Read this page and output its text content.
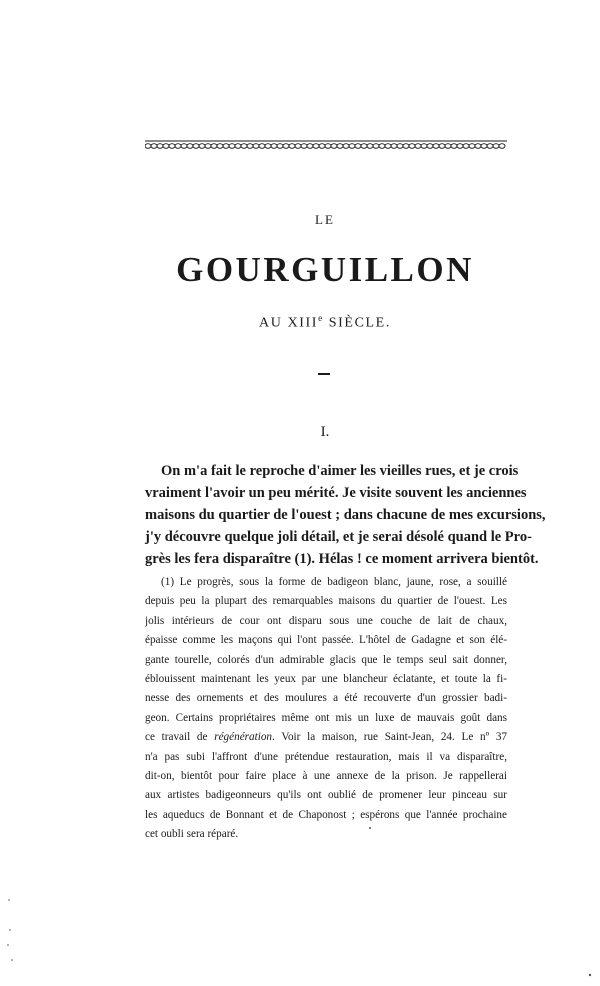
LE
GOURGUILLON
AU XIIIe SIÈCLE.
I.
On m'a fait le reproche d'aimer les vieilles rues, et je crois
vraiment l'avoir un peu mérité. Je visite souvent les anciennes
maisons du quartier de l'ouest ; dans chacune de mes excursions,
j'y découvre quelque joli détail, et je serai désolé quand le Pro-
grès les fera disparaître (1). Hélas ! ce moment arrivera bientôt.
(1) Le progrès, sous la forme de badigeon blanc, jaune, rose, a souillé
depuis peu la plupart des remarquables maisons du quartier de l'ouest. Les
jolis intérieurs de cour ont disparu sous une couche de lait de chaux,
épaisse comme les maçons qui l'ont passée. L'hôtel de Gadagne et son élé-
gante tourelle, colorés d'un admirable glacis que le temps seul sait donner,
éblouissent maintenant les yeux par une blancheur éclatante, et toute la fi-
nesse des ornements et des moulures a été recouverte d'un grossier badi-
geon. Certains propriétaires même ont mis un luxe de mauvais goût dans
ce travail de régénération. Voir la maison, rue Saint-Jean, 24. Le nº 37
n'a pas subi l'affront d'une prétendue restauration, mais il va disparaître,
dit-on, bientôt pour faire place à une annexe de la prison. Je rappellerai
aux artistes badigeonneurs qu'ils ont oublié de promener leur pinceau sur
les aqueducs de Bonnant et de Chaponost ; espérons que l'année prochaine
cet oubli sera réparé.
